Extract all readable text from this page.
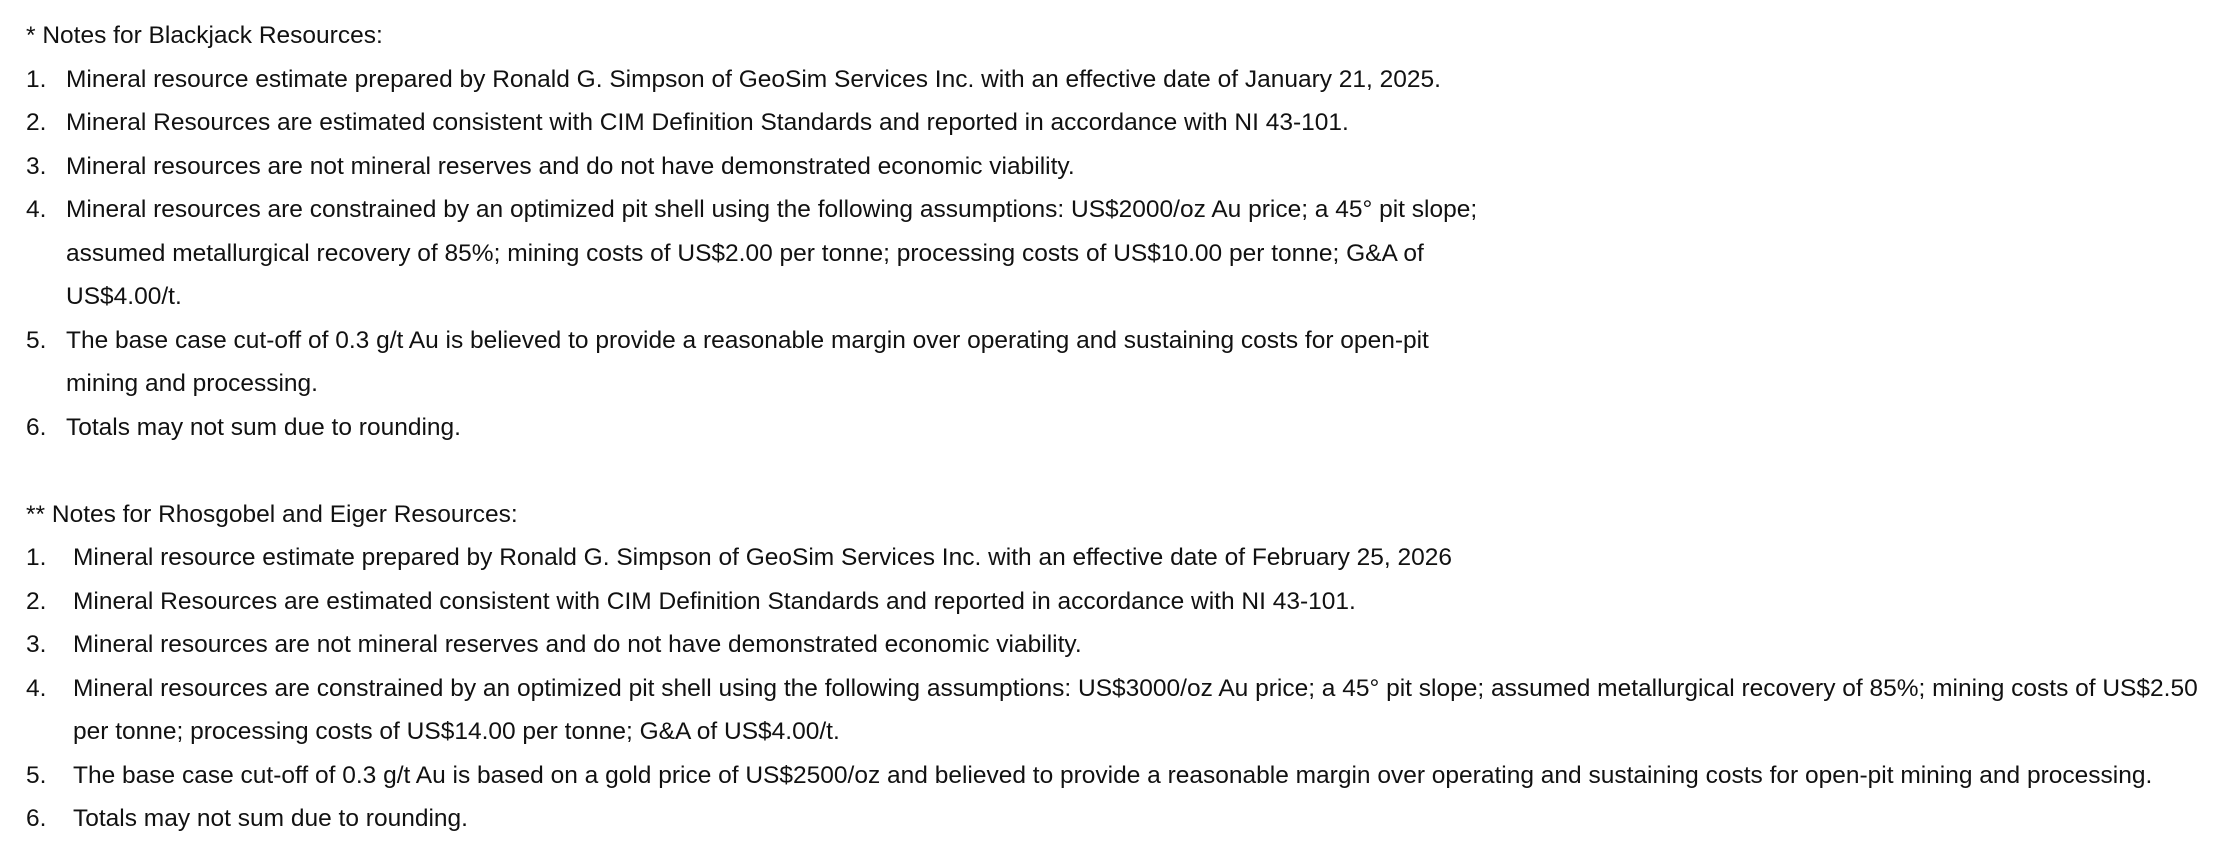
* Notes for Blackjack Resources:
1. Mineral resource estimate prepared by Ronald G. Simpson of GeoSim Services Inc. with an effective date of January 21, 2025.
2. Mineral Resources are estimated consistent with CIM Definition Standards and reported in accordance with NI 43-101.
3. Mineral resources are not mineral reserves and do not have demonstrated economic viability.
4. Mineral resources are constrained by an optimized pit shell using the following assumptions: US$2000/oz Au price; a 45° pit slope; assumed metallurgical recovery of 85%; mining costs of US$2.00 per tonne; processing costs of US$10.00 per tonne; G&A of US$4.00/t.
5. The base case cut-off of 0.3 g/t Au is believed to provide a reasonable margin over operating and sustaining costs for open-pit mining and processing.
6. Totals may not sum due to rounding.
** Notes for Rhosgobel and Eiger Resources:
1.	Mineral resource estimate prepared by Ronald G. Simpson of GeoSim Services Inc. with an effective date of February 25, 2026
2.	Mineral Resources are estimated consistent with CIM Definition Standards and reported in accordance with NI 43-101.
3.	Mineral resources are not mineral reserves and do not have demonstrated economic viability.
4.	Mineral resources are constrained by an optimized pit shell using the following assumptions: US$3000/oz Au price; a 45° pit slope; assumed metallurgical recovery of 85%; mining costs of US$2.50 per tonne; processing costs of US$14.00 per tonne; G&A of US$4.00/t.
5.	The base case cut-off of 0.3 g/t Au is based on a gold price of US$2500/oz and believed to provide a reasonable margin over operating and sustaining costs for open-pit mining and processing.
6.	Totals may not sum due to rounding.
